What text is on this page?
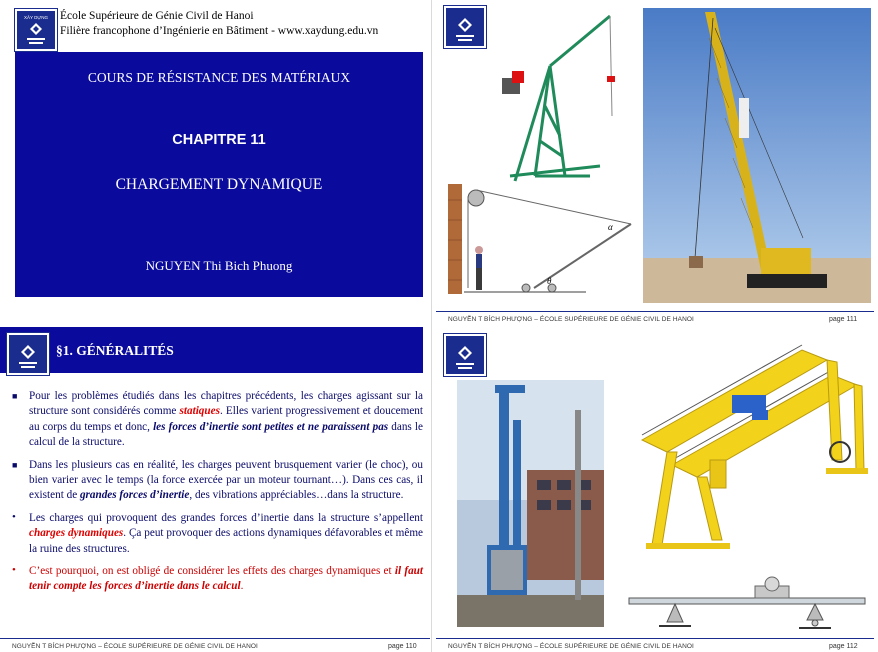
XÂY DỰNG École Supérieure de Génie Civil de Hanoi
Filière francophone d’Ingénierie en Bâtiment - www.xaydung.edu.vn
COURS DE RÉSISTANCE DES MATÉRIAUX
CHAPITRE 11
CHARGEMENT DYNAMIQUE
NGUYEN Thi Bich Phuong
α
θ
NGUYỄN T BÍCH PHƯỢNG – ÉCOLE SUPÉRIEURE DE GÉNIE CIVIL DE HANOI	page 111
§1. GÉNÉRALITÉS
■ Pour les problèmes étudiés dans les chapitres précédents, les charges agissant sur la structure sont considérés comme statiques. Elles varient progressivement et doucement au corps du temps et donc, les forces d’inertie sont petites et ne paraissent pas dans le calcul de la structure.
■ Dans les plusieurs cas en réalité, les charges peuvent brusquement varier (le choc), ou bien varier avec le temps (la force exercée par un moteur tournant…). Dans ces cas, il existent de grandes forces d’inertie, des vibrations appréciables…dans la structure.
• Les charges qui provoquent des grandes forces d’inertie dans la structure s’appellent charges dynamiques. Ça peut provoquer des actions dynamiques défavorables et même la ruine des structures.
• C’est pourquoi, on est obligé de considérer les effets des charges dynamiques et il faut tenir compte les forces d’inertie dans le calcul.
NGUYỄN T BÍCH PHƯỢNG – ÉCOLE SUPÉRIEURE DE GÉNIE CIVIL DE HANOI	page 110	NGUYỄN T BÍCH PHƯỢNG – ÉCOLE SUPÉRIEURE DE GÉNIE CIVIL DE HANOI	page 112
